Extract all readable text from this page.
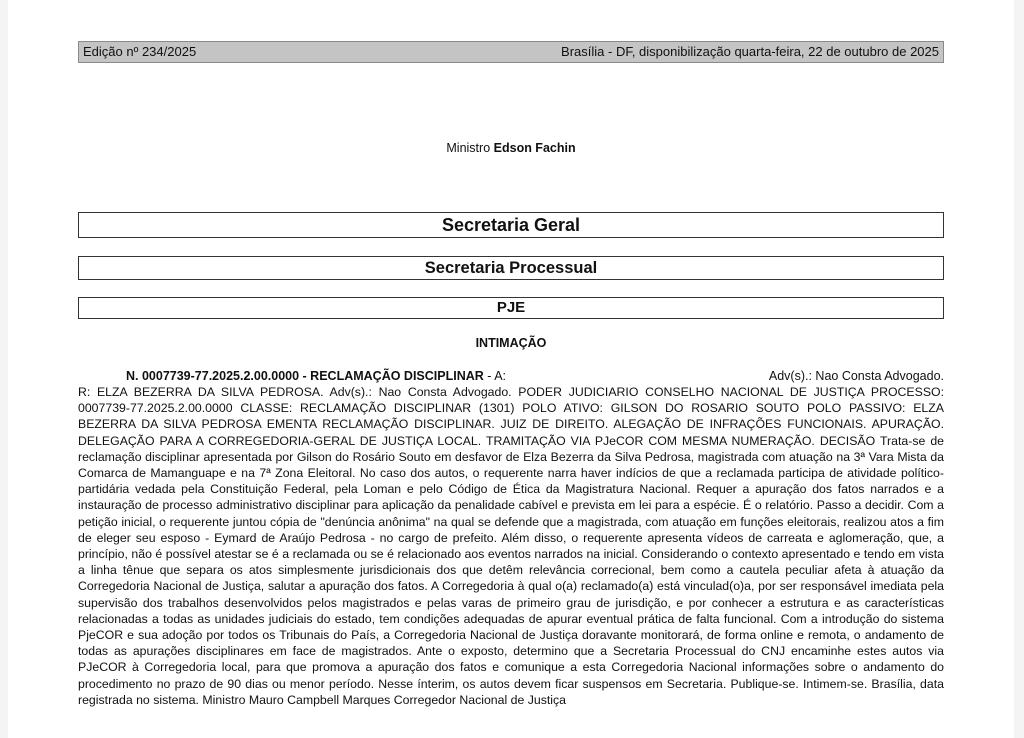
Edição nº 234/2025	Brasília - DF, disponibilização quarta-feira, 22 de outubro de 2025
Ministro Edson Fachin
Secretaria Geral
Secretaria Processual
PJE
INTIMAÇÃO
N. 0007739-77.2025.2.00.0000 - RECLAMAÇÃO DISCIPLINAR - A:	Adv(s).: Nao Consta Advogado.

R: ELZA BEZERRA DA SILVA PEDROSA. Adv(s).: Nao Consta Advogado. PODER JUDICIARIO CONSELHO NACIONAL DE JUSTIÇA PROCESSO: 0007739-77.2025.2.00.0000 CLASSE: RECLAMAÇÃO DISCIPLINAR (1301) POLO ATIVO: GILSON DO ROSARIO SOUTO POLO PASSIVO: ELZA BEZERRA DA SILVA PEDROSA EMENTA RECLAMAÇÃO DISCIPLINAR. JUIZ DE DIREITO. ALEGAÇÃO DE INFRAÇÕES FUNCIONAIS. APURAÇÃO. DELEGAÇÃO PARA A CORREGEDORIA-GERAL DE JUSTIÇA LOCAL. TRAMITAÇÃO VIA PJeCOR COM MESMA NUMERAÇÃO. DECISÃO Trata-se de reclamação disciplinar apresentada por Gilson do Rosário Souto em desfavor de Elza Bezerra da Silva Pedrosa, magistrada com atuação na 3ª Vara Mista da Comarca de Mamanguape e na 7ª Zona Eleitoral. No caso dos autos, o requerente narra haver indícios de que a reclamada participa de atividade político-partidária vedada pela Constituição Federal, pela Loman e pelo Código de Ética da Magistratura Nacional. Requer a apuração dos fatos narrados e a instauração de processo administrativo disciplinar para aplicação da penalidade cabível e prevista em lei para a espécie. É o relatório. Passo a decidir. Com a petição inicial, o requerente juntou cópia de "denúncia anônima" na qual se defende que a magistrada, com atuação em funções eleitorais, realizou atos a fim de eleger seu esposo - Eymard de Araújo Pedrosa - no cargo de prefeito. Além disso, o requerente apresenta vídeos de carreata e aglomeração, que, a princípio, não é possível atestar se é a reclamada ou se é relacionado aos eventos narrados na inicial. Considerando o contexto apresentado e tendo em vista a linha tênue que separa os atos simplesmente jurisdicionais dos que detêm relevância correcional, bem como a cautela peculiar afeta à atuação da Corregedoria Nacional de Justiça, salutar a apuração dos fatos. A Corregedoria à qual o(a) reclamado(a) está vinculad(o)a, por ser responsável imediata pela supervisão dos trabalhos desenvolvidos pelos magistrados e pelas varas de primeiro grau de jurisdição, e por conhecer a estrutura e as características relacionadas a todas as unidades judiciais do estado, tem condições adequadas de apurar eventual prática de falta funcional. Com a introdução do sistema PjeCOR e sua adoção por todos os Tribunais do País, a Corregedoria Nacional de Justiça doravante monitorará, de forma online e remota, o andamento de todas as apurações disciplinares em face de magistrados. Ante o exposto, determino que a Secretaria Processual do CNJ encaminhe estes autos via PJeCOR à Corregedoria local, para que promova a apuração dos fatos e comunique a esta Corregedoria Nacional informações sobre o andamento do procedimento no prazo de 90 dias ou menor período. Nesse ínterim, os autos devem ficar suspensos em Secretaria. Publique-se. Intimem-se. Brasília, data registrada no sistema. Ministro Mauro Campbell Marques Corregedor Nacional de Justiça
